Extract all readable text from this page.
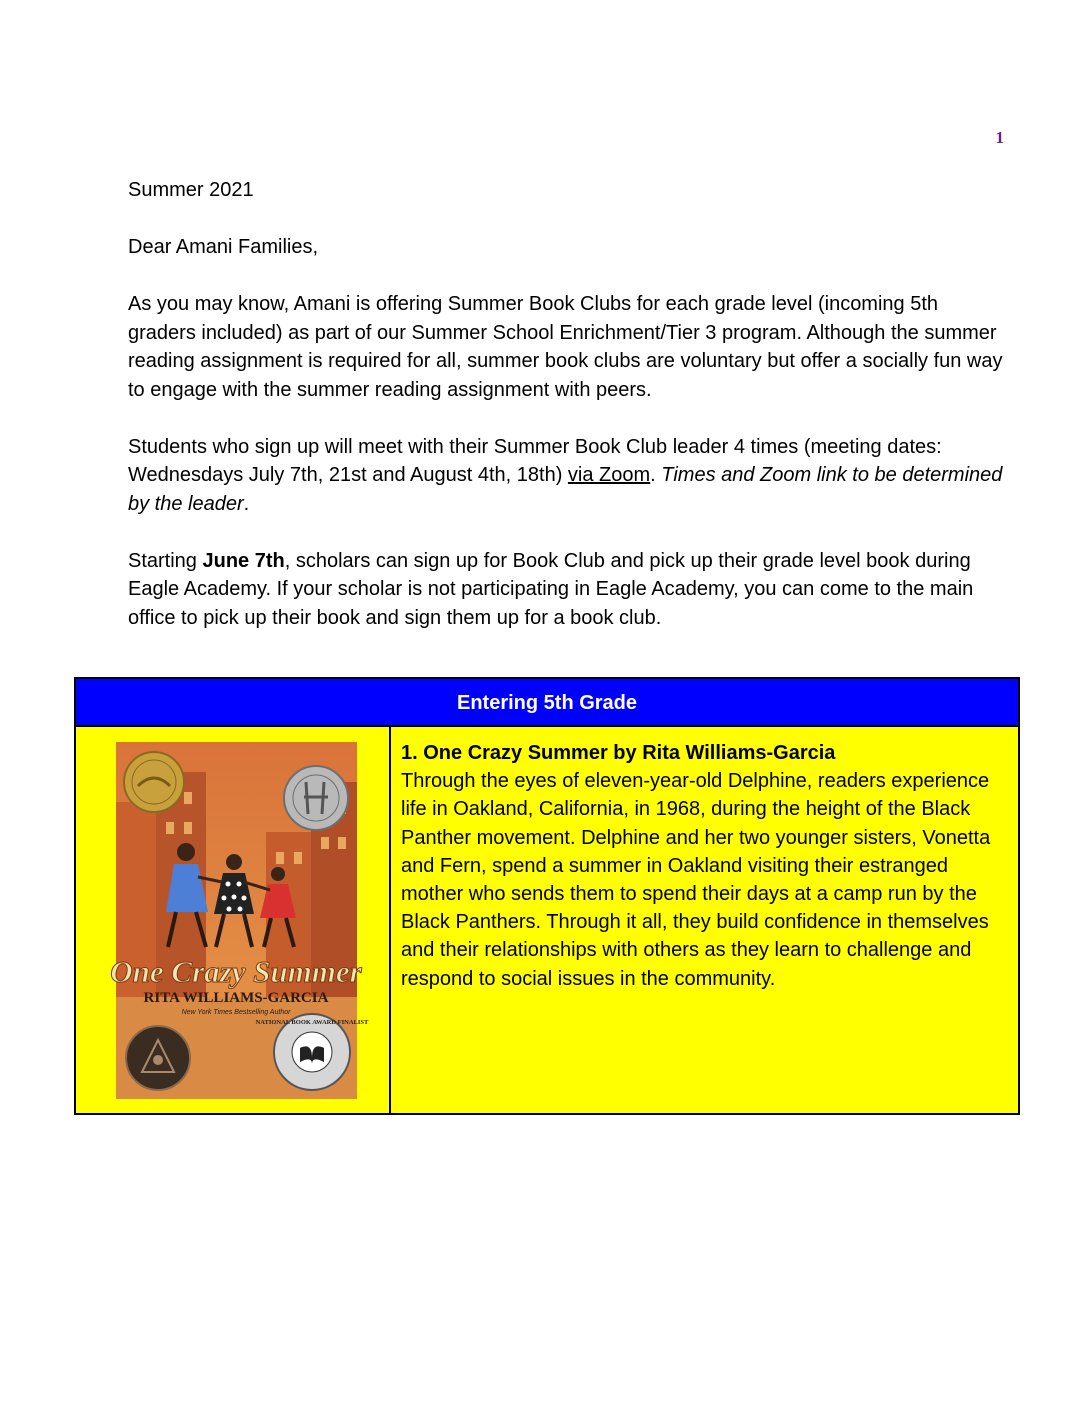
1

Summer 2021

Dear Amani Families,

As you may know, Amani is offering Summer Book Clubs for each grade level (incoming 5th graders included) as part of our Summer School Enrichment/Tier 3 program. Although the summer reading assignment is required for all, summer book clubs are voluntary but offer a socially fun way to engage with the summer reading assignment with peers.

Students who sign up will meet with their Summer Book Club leader 4 times (meeting dates: Wednesdays July 7th, 21st and August 4th, 18th) via Zoom. Times and Zoom link to be determined by the leader.

Starting June 7th, scholars can sign up for Book Club and pick up their grade level book during Eagle Academy. If your scholar is not participating in Eagle Academy, you can come to the main office to pick up their book and sign them up for a book club.

Entering 5th Grade
One Crazy Summer
RITA WILLIAMS-GARCIA
New York Times Bestselling Author
NATIONAL BOOK AWARD FINALIST
1. One Crazy Summer by Rita Williams-Garcia
Through the eyes of eleven-year-old Delphine, readers experience life in Oakland, California, in 1968, during the height of the Black Panther movement. Delphine and her two younger sisters, Vonetta and Fern, spend a summer in Oakland visiting their estranged mother who sends them to spend their days at a camp run by the Black Panthers. Through it all, they build confidence in themselves and their relationships with others as they learn to challenge and respond to social issues in the community.
